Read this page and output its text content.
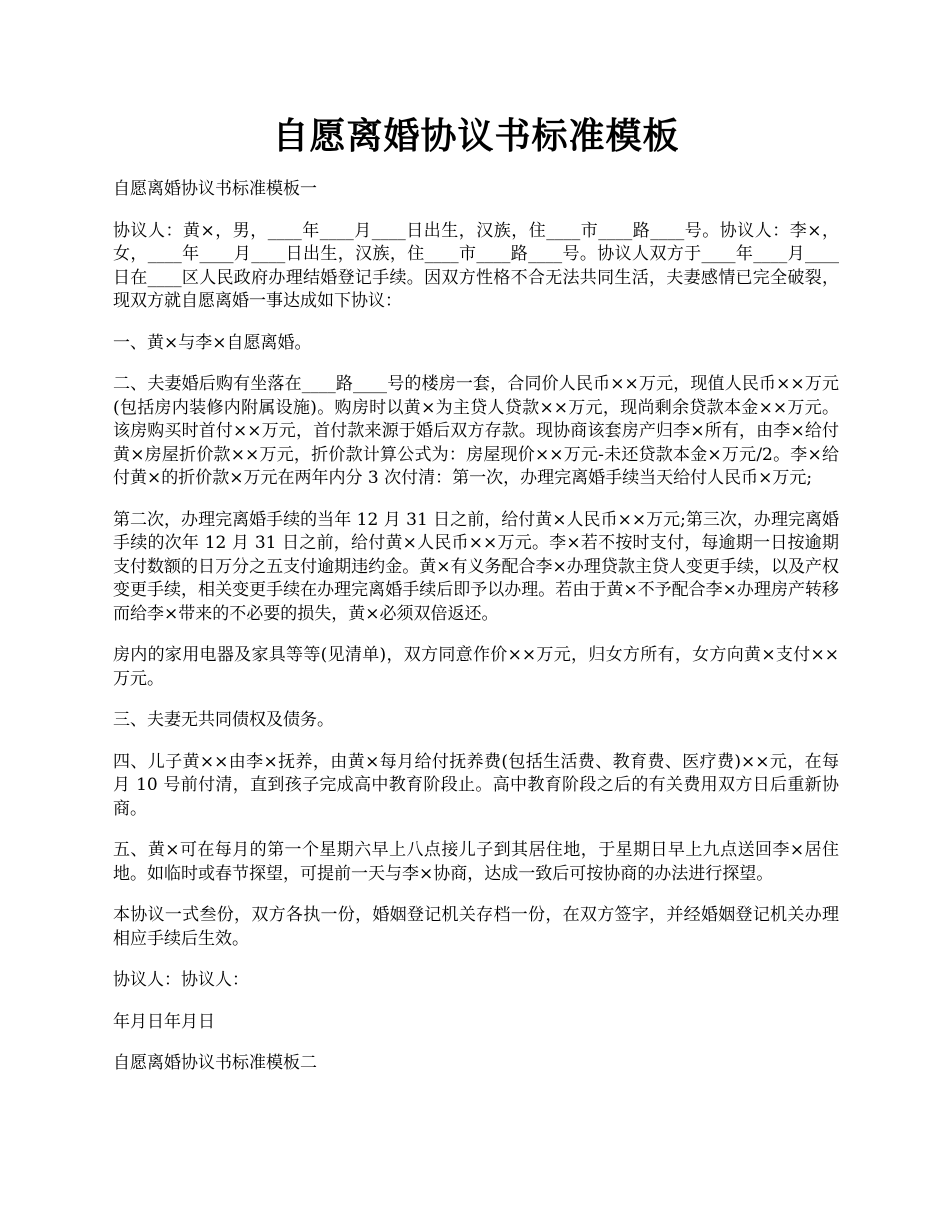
自愿离婚协议书标准模板

自愿离婚协议书标准模板一

协议人：黄×，男，____年____月____日出生，汉族，住____市____路____号。协议人：李×，女，____年____月____日出生，汉族，住____市____路____号。协议人双方于____年____月____日在____区人民政府办理结婚登记手续。因双方性格不合无法共同生活，夫妻感情已完全破裂，现双方就自愿离婚一事达成如下协议：

一、黄×与李×自愿离婚。

二、夫妻婚后购有坐落在____路____号的楼房一套，合同价人民币××万元，现值人民币××万元(包括房内装修内附属设施)。购房时以黄×为主贷人贷款××万元，现尚剩余贷款本金××万元。该房购买时首付××万元，首付款来源于婚后双方存款。现协商该套房产归李×所有，由李×给付黄×房屋折价款××万元，折价款计算公式为：房屋现价××万元-未还贷款本金×万元/2。李×给付黄×的折价款×万元在两年内分 3 次付清：第一次，办理完离婚手续当天给付人民币×万元;

第二次，办理完离婚手续的当年 12 月 31 日之前，给付黄×人民币××万元;第三次，办理完离婚手续的次年 12 月 31 日之前，给付黄×人民币××万元。李×若不按时支付，每逾期一日按逾期支付数额的日万分之五支付逾期违约金。黄×有义务配合李×办理贷款主贷人变更手续，以及产权变更手续，相关变更手续在办理完离婚手续后即予以办理。若由于黄×不予配合李×办理房产转移而给李×带来的不必要的损失，黄×必须双倍返还。

房内的家用电器及家具等等(见清单)，双方同意作价××万元，归女方所有，女方向黄×支付××万元。

三、夫妻无共同债权及债务。

四、儿子黄××由李×抚养，由黄×每月给付抚养费(包括生活费、教育费、医疗费)××元，在每月 10 号前付清，直到孩子完成高中教育阶段止。高中教育阶段之后的有关费用双方日后重新协商。

五、黄×可在每月的第一个星期六早上八点接儿子到其居住地，于星期日早上九点送回李×居住地。如临时或春节探望，可提前一天与李×协商，达成一致后可按协商的办法进行探望。

本协议一式叁份，双方各执一份，婚姻登记机关存档一份，在双方签字，并经婚姻登记机关办理相应手续后生效。

协议人：协议人：

年月日年月日

自愿离婚协议书标准模板二
